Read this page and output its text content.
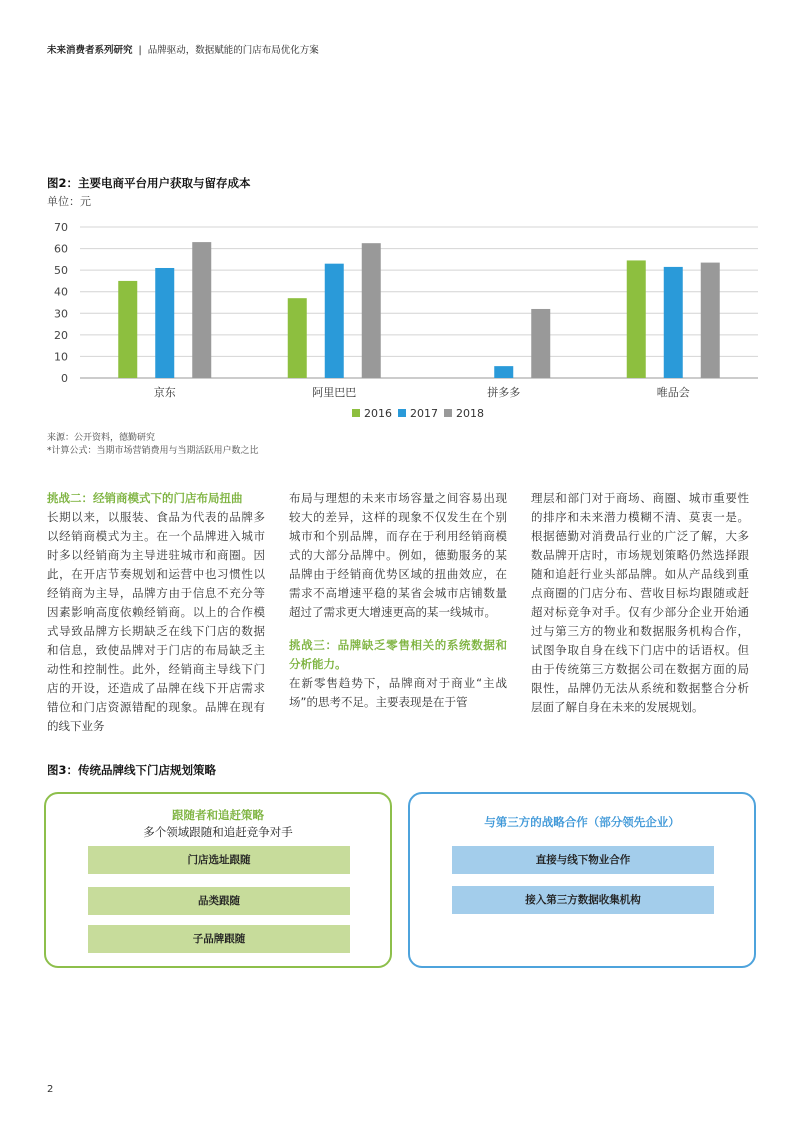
未来消费者系列研究 | 品牌驱动，数据赋能的门店布局优化方案
图2：主要电商平台用户获取与留存成本
单位：元
0
10
20
30
40
50
60
70
京东	阿里巴巴	拼多多	唯品会
2016 2017 2018
来源：公开资料，德勤研究
*计算公式：当期市场营销费用与当期活跃用户数之比

挑战二：经销商模式下的门店布局扭曲

长期以来，以服装、食品为代表的品牌多以经销商模式为主。在一个品牌进入城市时多以经销商为主导进驻城市和商圈。因此，在开店节奏规划和运营中也习惯性以经销商为主导，品牌方由于信息不充分等因素影响高度依赖经销商。以上的合作模式导致品牌方长期缺乏在线下门店的数据和信息，致使品牌对于门店的布局缺乏主动性和控制性。此外，经销商主导线下门店的开设，还造成了品牌在线下开店需求错位和门店资源错配的现象。品牌在现有的线下业务

布局与理想的未来市场容量之间容易出现较大的差异，这样的现象不仅发生在个别城市和个别品牌，而存在于利用经销商模式的大部分品牌中。例如，德勤服务的某品牌由于经销商优势区域的扭曲效应，在需求不高增速平稳的某省会城市店铺数量超过了需求更大增速更高的某一线城市。

挑战三：品牌缺乏零售相关的系统数据和分析能力。

在新零售趋势下，品牌商对于商业“主战场”的思考不足。主要表现是在于管

理层和部门对于商场、商圈、城市重要性的排序和未来潜力模糊不清、莫衷一是。根据德勤对消费品行业的广泛了解，大多数品牌开店时，市场规划策略仍然选择跟随和追赶行业头部品牌。如从产品线到重点商圈的门店分布、营收目标均跟随或赶超对标竞争对手。仅有少部分企业开始通过与第三方的物业和数据服务机构合作，试图争取自身在线下门店中的话语权。但由于传统第三方数据公司在数据方面的局限性，品牌仍无法从系统和数据整合分析层面了解自身在未来的发展规划。

图3：传统品牌线下门店规划策略
跟随者和追赶策略
多个领域跟随和追赶竞争对手
门店选址跟随
品类跟随
子品牌跟随
与第三方的战略合作（部分领先企业）
直接与线下物业合作
接入第三方数据收集机构
2
